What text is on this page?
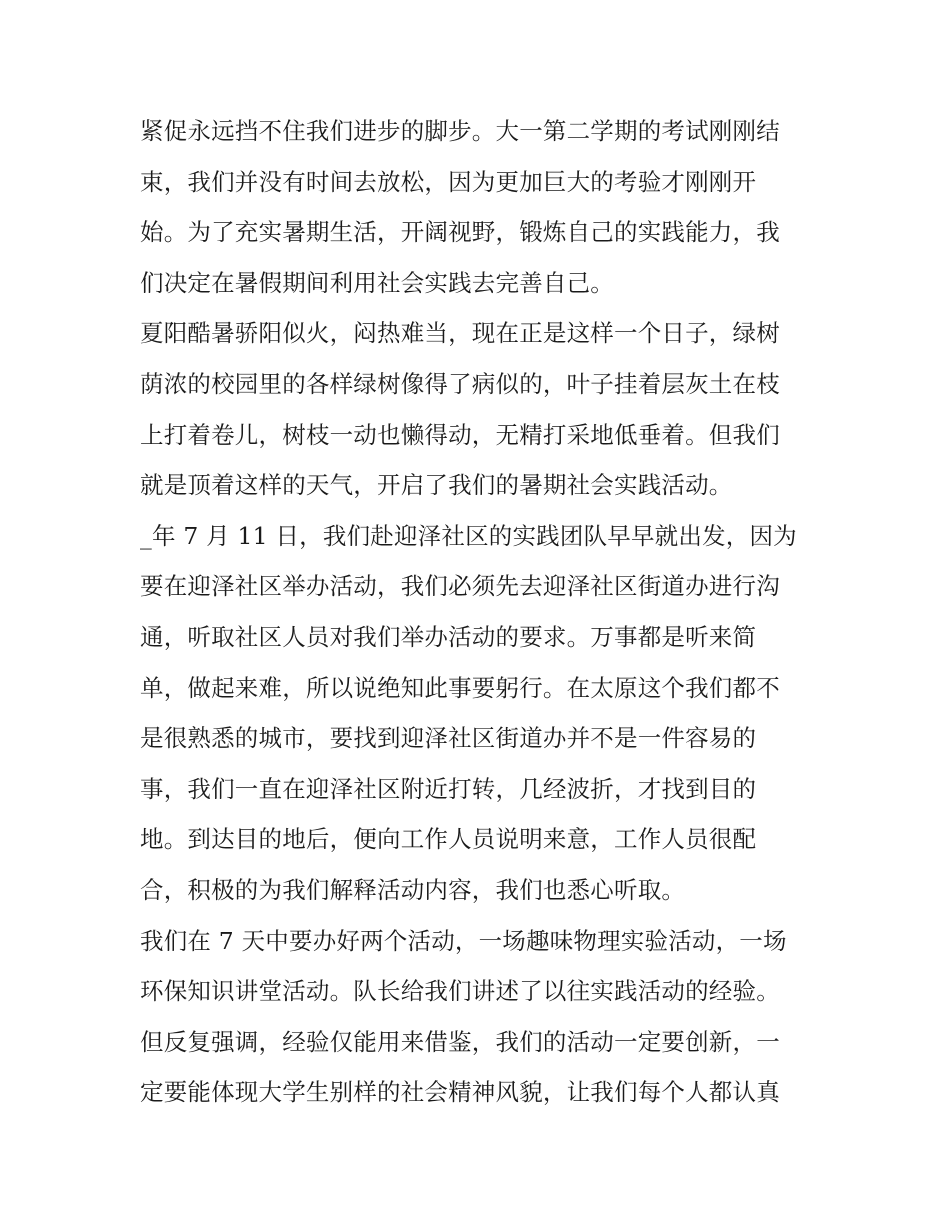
紧促永远挡不住我们进步的脚步。大一第二学期的考试刚刚结
束，我们并没有时间去放松，因为更加巨大的考验才刚刚开
始。为了充实暑期生活，开阔视野，锻炼自己的实践能力，我
们决定在暑假期间利用社会实践去完善自己。
夏阳酷暑骄阳似火，闷热难当，现在正是这样一个日子，绿树
荫浓的校园里的各样绿树像得了病似的，叶子挂着层灰土在枝
上打着卷儿，树枝一动也懒得动，无精打采地低垂着。但我们
就是顶着这样的天气，开启了我们的暑期社会实践活动。
_年 7 月 11 日，我们赴迎泽社区的实践团队早早就出发，因为
要在迎泽社区举办活动，我们必须先去迎泽社区街道办进行沟
通，听取社区人员对我们举办活动的要求。万事都是听来简
单，做起来难，所以说绝知此事要躬行。在太原这个我们都不
是很熟悉的城市，要找到迎泽社区街道办并不是一件容易的
事，我们一直在迎泽社区附近打转，几经波折，才找到目的
地。到达目的地后，便向工作人员说明来意，工作人员很配
合，积极的为我们解释活动内容，我们也悉心听取。
我们在 7 天中要办好两个活动，一场趣味物理实验活动，一场
环保知识讲堂活动。队长给我们讲述了以往实践活动的经验。
但反复强调，经验仅能用来借鉴，我们的活动一定要创新，一
定要能体现大学生别样的社会精神风貌，让我们每个人都认真
